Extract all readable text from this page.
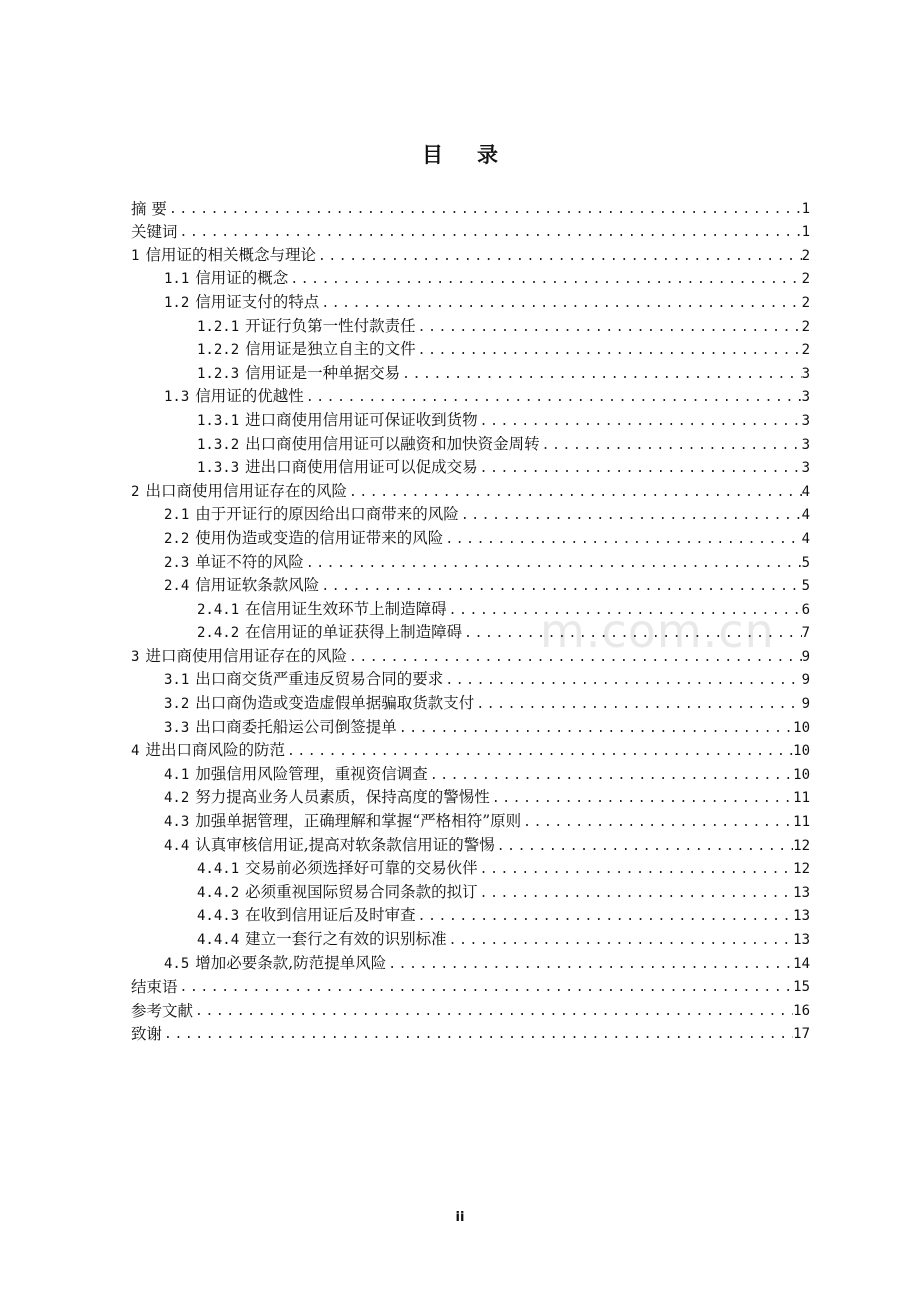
目 录
m.com.cn
摘 要 .....	1
关键词 .....	1
1 信用证的相关概念与理论 .....	2
1.1 信用证的概念 .....	2
1.2 信用证支付的特点 .....	2
1.2.1 开证行负第一性付款责任 .....	2
1.2.2 信用证是独立自主的文件 .....	2
1.2.3 信用证是一种单据交易 .....	3
1.3 信用证的优越性 .....	3
1.3.1 进口商使用信用证可保证收到货物 .....	3
1.3.2 出口商使用信用证可以融资和加快资金周转 .....	3
1.3.3 进出口商使用信用证可以促成交易 .....	3
2 出口商使用信用证存在的风险 .....	4
2.1 由于开证行的原因给出口商带来的风险 .....	4
2.2 使用伪造或变造的信用证带来的风险 .....	4
2.3 单证不符的风险 .....	5
2.4 信用证软条款风险 .....	5
2.4.1 在信用证生效环节上制造障碍 .....	6
2.4.2 在信用证的单证获得上制造障碍 .....	7
3 进口商使用信用证存在的风险 .....	9
3.1 出口商交货严重违反贸易合同的要求 .....	9
3.2 出口商伪造或变造虚假单据骗取货款支付 .....	9
3.3 出口商委托船运公司倒签提单 .....	10
4 进出口商风险的防范 .....	10
4.1 加强信用风险管理，重视资信调查 .....	10
4.2 努力提高业务人员素质，保持高度的警惕性 .....	11
4.3 加强单据管理，正确理解和掌握“严格相符”原则 .....	11
4.4 认真审核信用证,提高对软条款信用证的警惕 .....	12
4.4.1 交易前必须选择好可靠的交易伙伴 .....	12
4.4.2 必须重视国际贸易合同条款的拟订 .....	13
4.4.3 在收到信用证后及时审查 .....	13
4.4.4 建立一套行之有效的识别标准 .....	13
4.5 增加必要条款,防范提单风险 .....	14
结束语 .....	15
参考文献 .....	16
致谢 .....	17
ii
